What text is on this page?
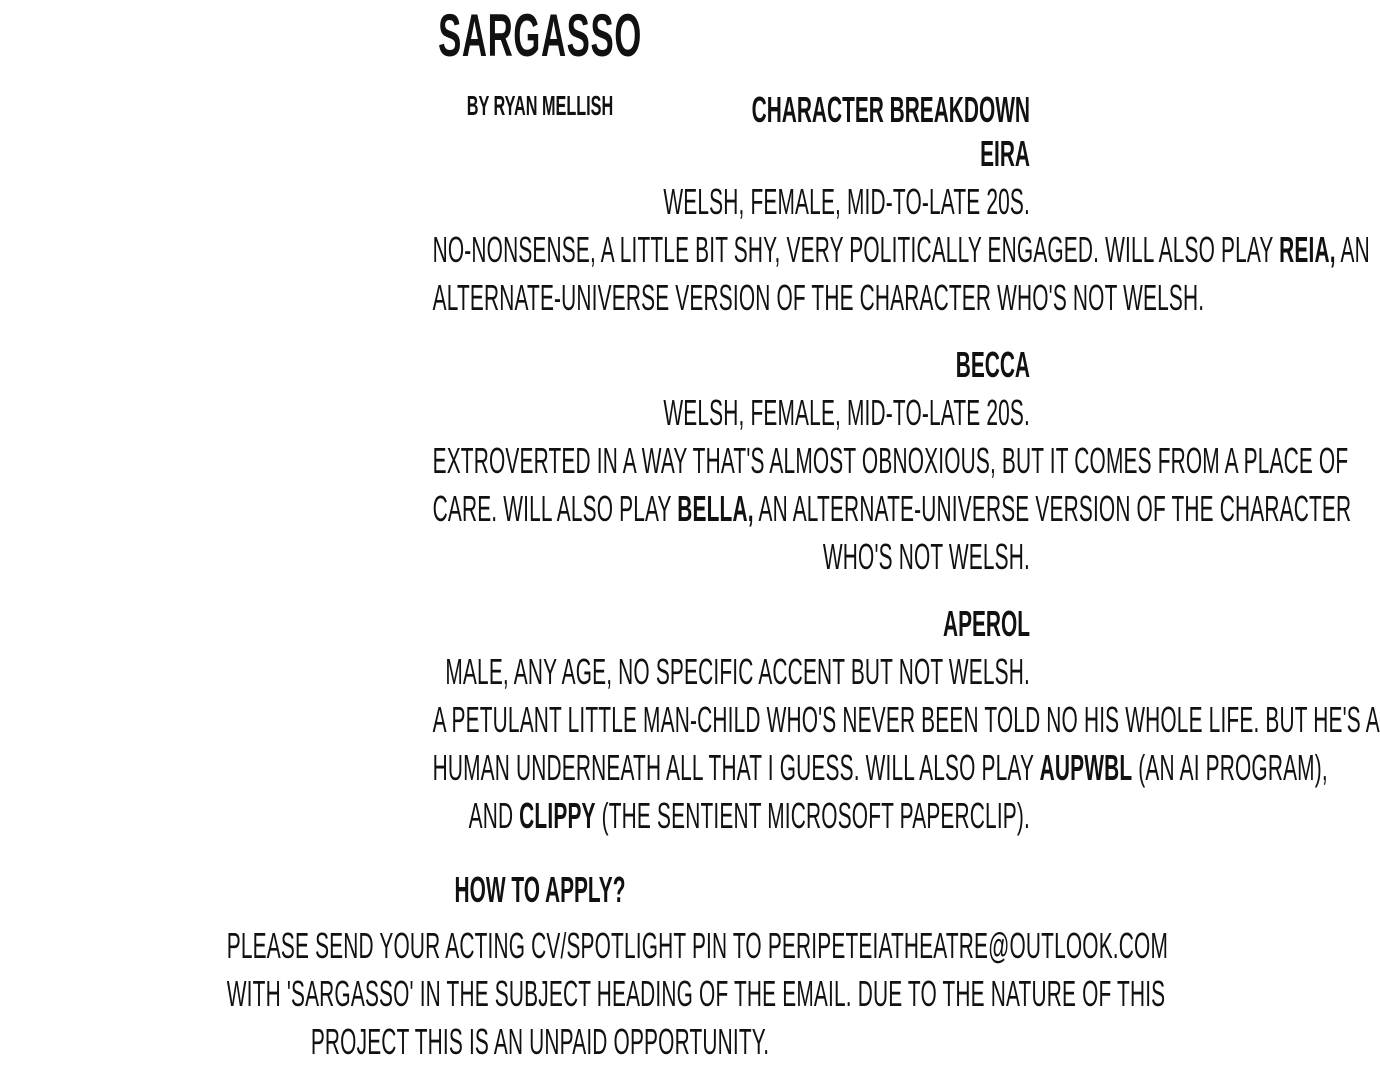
SARGASSO
BY RYAN MELLISH	CHARACTER BREAKDOWN
EIRA
WELSH, FEMALE, MID-TO-LATE 20S.
NO-NONSENSE, A LITTLE BIT SHY, VERY POLITICALLY ENGAGED. WILL ALSO PLAY REIA, AN
ALTERNATE-UNIVERSE VERSION OF THE CHARACTER WHO'S NOT WELSH.
BECCA
WELSH, FEMALE, MID-TO-LATE 20S.
EXTROVERTED IN A WAY THAT'S ALMOST OBNOXIOUS, BUT IT COMES FROM A PLACE OF
CARE. WILL ALSO PLAY BELLA, AN ALTERNATE-UNIVERSE VERSION OF THE CHARACTER
WHO'S NOT WELSH.
APEROL
MALE, ANY AGE, NO SPECIFIC ACCENT BUT NOT WELSH.
A PETULANT LITTLE MAN-CHILD WHO'S NEVER BEEN TOLD NO HIS WHOLE LIFE. BUT HE'S A
HUMAN UNDERNEATH ALL THAT I GUESS. WILL ALSO PLAY AUPWBL (AN AI PROGRAM),
AND CLIPPY (THE SENTIENT MICROSOFT PAPERCLIP).
HOW TO APPLY?
PLEASE SEND YOUR ACTING CV/SPOTLIGHT PIN TO PERIPETEIATHEATRE@OUTLOOK.COM
WITH 'SARGASSO' IN THE SUBJECT HEADING OF THE EMAIL. DUE TO THE NATURE OF THIS
PROJECT THIS IS AN UNPAID OPPORTUNITY.
